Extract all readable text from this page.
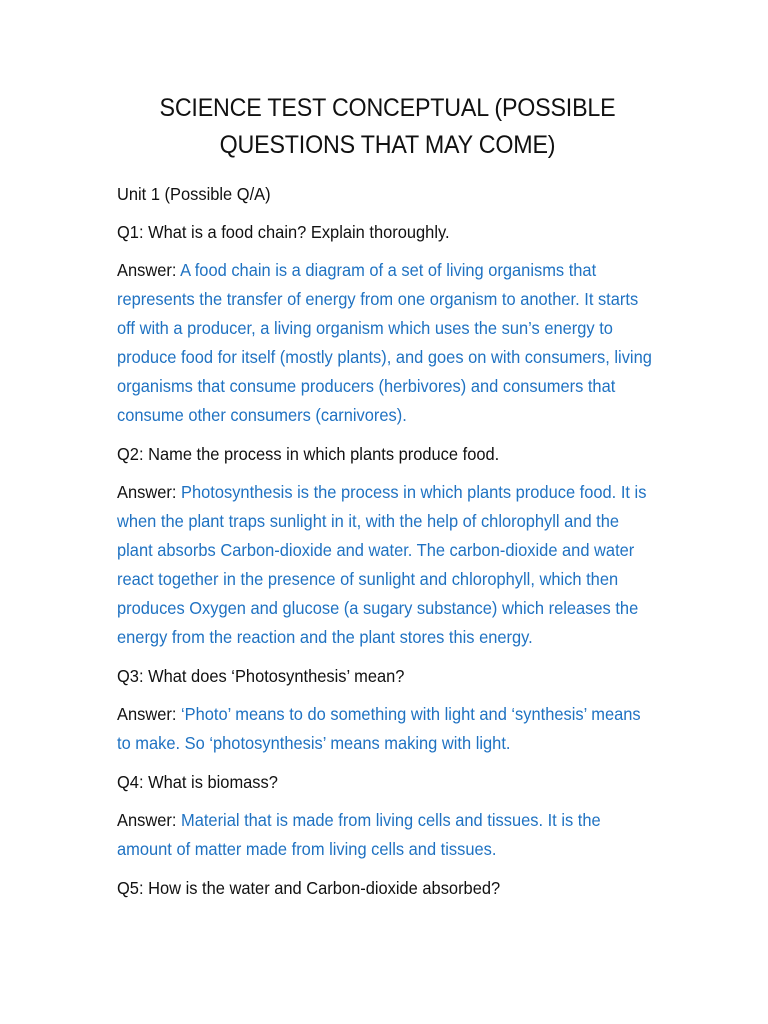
SCIENCE TEST CONCEPTUAL (POSSIBLE
QUESTIONS THAT MAY COME)
Unit 1 (Possible Q/A)
Q1: What is a food chain? Explain thoroughly.
Answer: A food chain is a diagram of a set of living organisms that represents the transfer of energy from one organism to another. It starts off with a producer, a living organism which uses the sun’s energy to produce food for itself (mostly plants), and goes on with consumers, living organisms that consume producers (herbivores) and consumers that consume other consumers (carnivores).
Q2: Name the process in which plants produce food.
Answer: Photosynthesis is the process in which plants produce food. It is when the plant traps sunlight in it, with the help of chlorophyll and the plant absorbs Carbon-dioxide and water. The carbon-dioxide and water react together in the presence of sunlight and chlorophyll, which then produces Oxygen and glucose (a sugary substance) which releases the energy from the reaction and the plant stores this energy.
Q3: What does ‘Photosynthesis’ mean?
Answer: ‘Photo’ means to do something with light and ‘synthesis’ means to make. So ‘photosynthesis’ means making with light.
Q4: What is biomass?
Answer: Material that is made from living cells and tissues. It is the amount of matter made from living cells and tissues.
Q5: How is the water and Carbon-dioxide absorbed?
